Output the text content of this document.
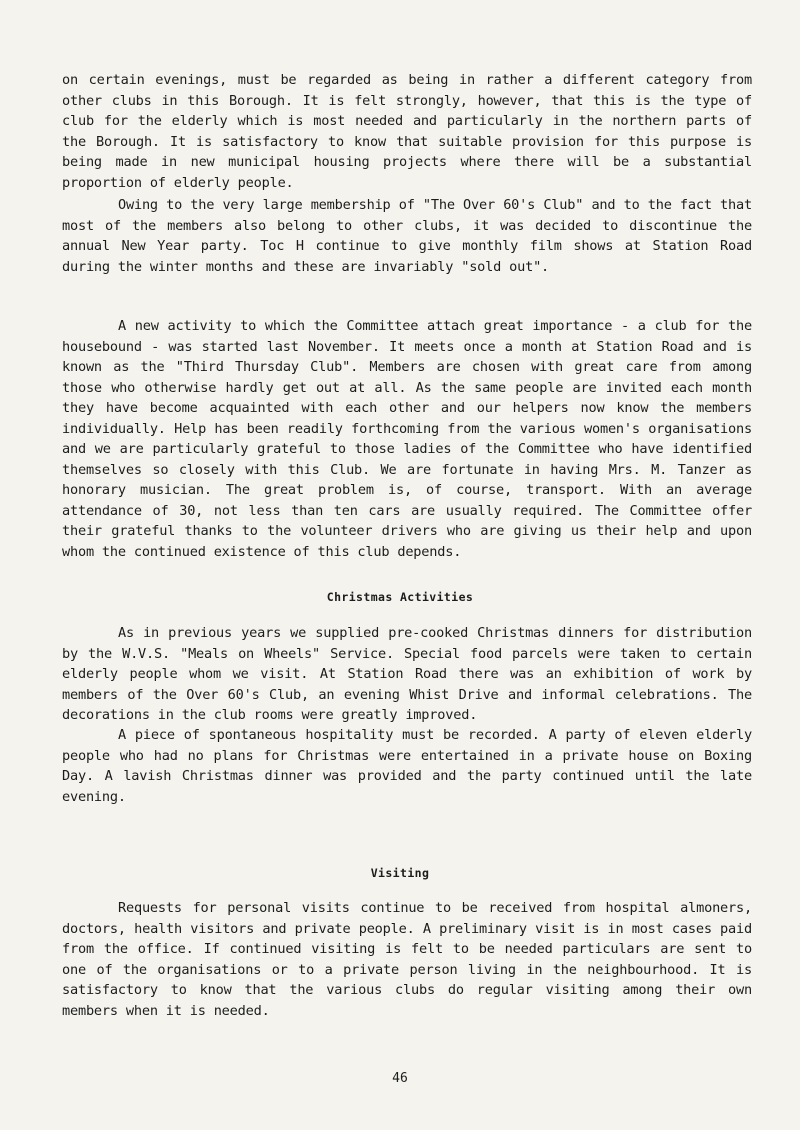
on certain evenings, must be regarded as being in rather a different category from other clubs in this Borough. It is felt strongly, however, that this is the type of club for the elderly which is most needed and particularly in the northern parts of the Borough. It is satisfactory to know that suitable provision for this purpose is being made in new municipal housing projects where there will be a substantial proportion of elderly people.

Owing to the very large membership of "The Over 60's Club" and to the fact that most of the members also belong to other clubs, it was decided to discontinue the annual New Year party. Toc H continue to give monthly film shows at Station Road during the winter months and these are invariably "sold out".

A new activity to which the Committee attach great importance - a club for the housebound - was started last November. It meets once a month at Station Road and is known as the "Third Thursday Club". Members are chosen with great care from among those who otherwise hardly get out at all. As the same people are invited each month they have become acquainted with each other and our helpers now know the members individually. Help has been readily forthcoming from the various women's organisations and we are particularly grateful to those ladies of the Committee who have identified themselves so closely with this Club. We are fortunate in having Mrs. M. Tanzer as honorary musician. The great problem is, of course, transport. With an average attendance of 30, not less than ten cars are usually required. The Committee offer their grateful thanks to the volunteer drivers who are giving us their help and upon whom the continued existence of this club depends.

Christmas Activities

As in previous years we supplied pre-cooked Christmas dinners for distribution by the W.V.S. "Meals on Wheels" Service. Special food parcels were taken to certain elderly people whom we visit. At Station Road there was an exhibition of work by members of the Over 60's Club, an evening Whist Drive and informal celebrations. The decorations in the club rooms were greatly improved.

A piece of spontaneous hospitality must be recorded. A party of eleven elderly people who had no plans for Christmas were entertained in a private house on Boxing Day. A lavish Christmas dinner was provided and the party continued until the late evening.

Visiting

Requests for personal visits continue to be received from hospital almoners, doctors, health visitors and private people. A preliminary visit is in most cases paid from the office. If continued visiting is felt to be needed particulars are sent to one of the organisations or to a private person living in the neighbourhood. It is satisfactory to know that the various clubs do regular visiting among their own members when it is needed.

46
